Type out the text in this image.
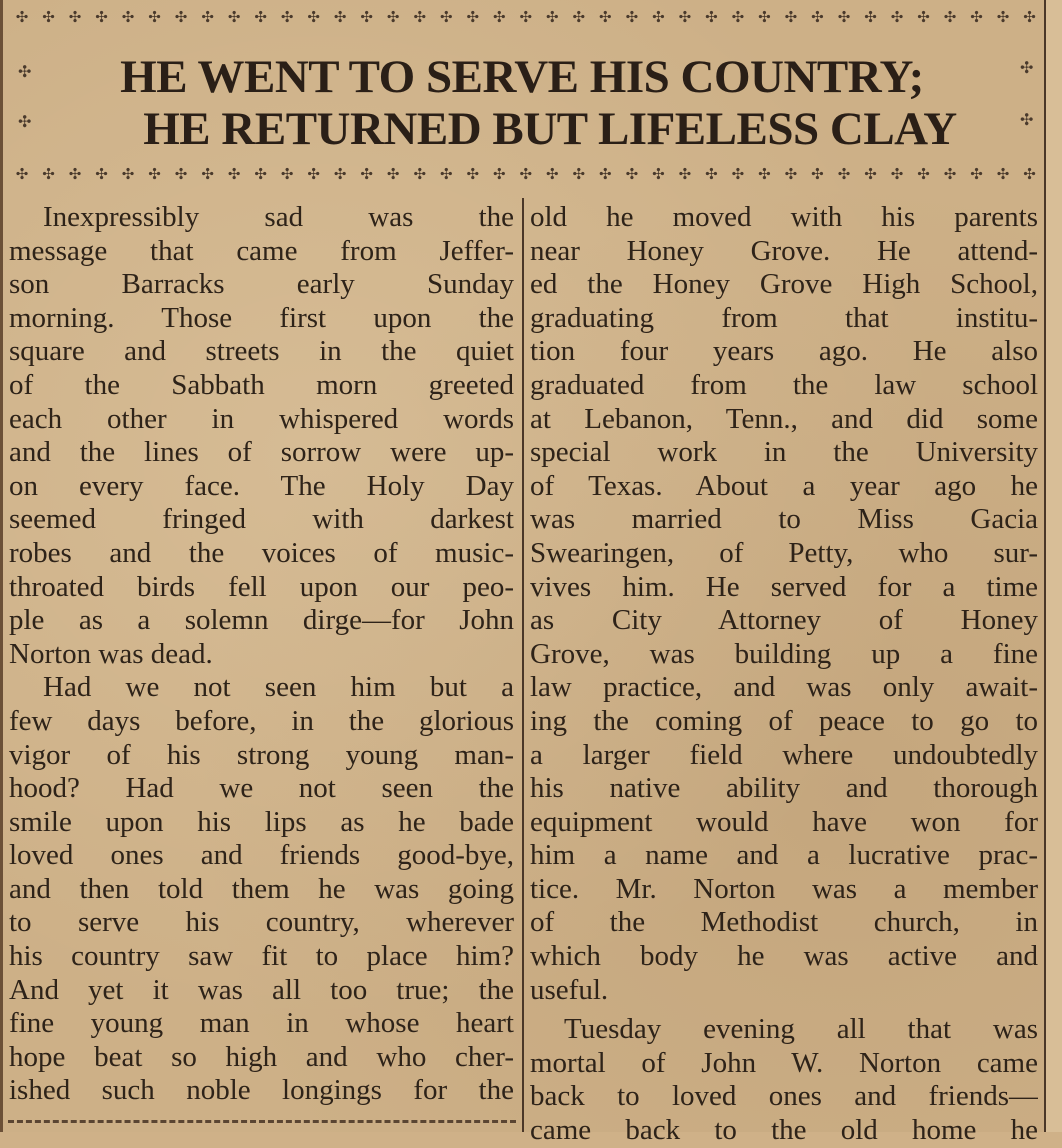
✣ ✣ ✣ ✣ ✣ ✣ ✣ ✣ ✣ ✣ ✣ ✣ ✣ ✣ ✣ ✣ ✣ ✣ ✣ ✣ ✣ ✣ ✣ ✣ ✣ ✣ ✣ ✣ ✣ ✣ ✣ ✣ ✣ ✣ ✣ ✣ ✣ ✣ ✣
✣	✣
✣	✣
HE WENT TO SERVE HIS COUNTRY;
HE RETURNED BUT LIFELESS CLAY
✣ ✣ ✣ ✣ ✣ ✣ ✣ ✣ ✣ ✣ ✣ ✣ ✣ ✣ ✣ ✣ ✣ ✣ ✣ ✣ ✣ ✣ ✣ ✣ ✣ ✣ ✣ ✣ ✣ ✣ ✣ ✣ ✣ ✣ ✣ ✣ ✣ ✣ ✣
Inexpressibly sad was the
message that came from Jeffer-
son Barracks early Sunday
morning. Those first upon the
square and streets in the quiet
of the Sabbath morn greeted
each other in whispered words
and the lines of sorrow were up-
on every face. The Holy Day
seemed fringed with darkest
robes and the voices of music-
throated birds fell upon our peo-
ple as a solemn dirge—for John
Norton was dead.
Had we not seen him but a
few days before, in the glorious
vigor of his strong young man-
hood? Had we not seen the
smile upon his lips as he bade
loved ones and friends good-bye,
and then told them he was going
to serve his country, wherever
his country saw fit to place him?
And yet it was all too true; the
fine young man in whose heart
hope beat so high and who cher-
ished such noble longings for the
old he moved with his parents
near Honey Grove. He attend-
ed the Honey Grove High School,
graduating from that institu-
tion four years ago. He also
graduated from the law school
at Lebanon, Tenn., and did some
special work in the University
of Texas. About a year ago he
was married to Miss Gacia
Swearingen, of Petty, who sur-
vives him. He served for a time
as City Attorney of Honey
Grove, was building up a fine
law practice, and was only await-
ing the coming of peace to go to
a larger field where undoubtedly
his native ability and thorough
equipment would have won for
him a name and a lucrative prac-
tice. Mr. Norton was a member
of the Methodist church, in
which body he was active and
useful.
Tuesday evening all that was
mortal of John W. Norton came
back to loved ones and friends—
came back to the old home he
